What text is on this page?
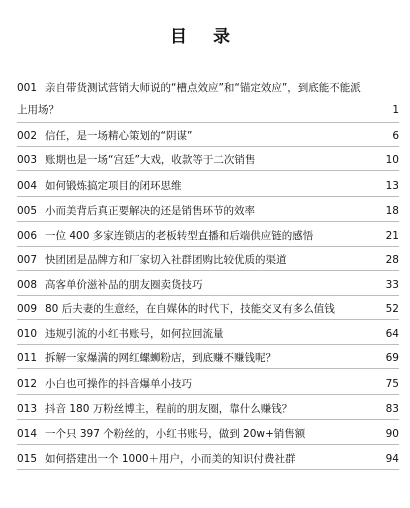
目 录
001 亲自带货测试营销大师说的“槽点效应”和“锚定效应”，到底能不能派
上用场？	1
002 信任，是一场精心策划的“阴谋”	6
003 账期也是一场“宫廷”大戏，收款等于二次销售	10
004 如何锻炼搞定项目的闭环思维	13
005 小而美背后真正要解决的还是销售环节的效率	18
006 一位 400 多家连锁店的老板转型直播和后端供应链的感悟	21
007 快团团是品牌方和厂家切入社群团购比较优质的渠道	28
008 高客单价滋补品的朋友圈卖货技巧	33
009 80 后夫妻的生意经，在自媒体的时代下，技能交叉有多么值钱	52
010 违规引流的小红书账号，如何拉回流量	64
011 拆解一家爆满的网红螺蛳粉店，到底赚不赚钱呢？	69
012 小白也可操作的抖音爆单小技巧	75
013 抖音 180 万粉丝博主，程前的朋友圈，靠什么赚钱？	83
014 一个只 397 个粉丝的，小红书账号，做到 20w+销售额	90
015 如何搭建出一个 1000＋用户，小而美的知识付费社群	94
